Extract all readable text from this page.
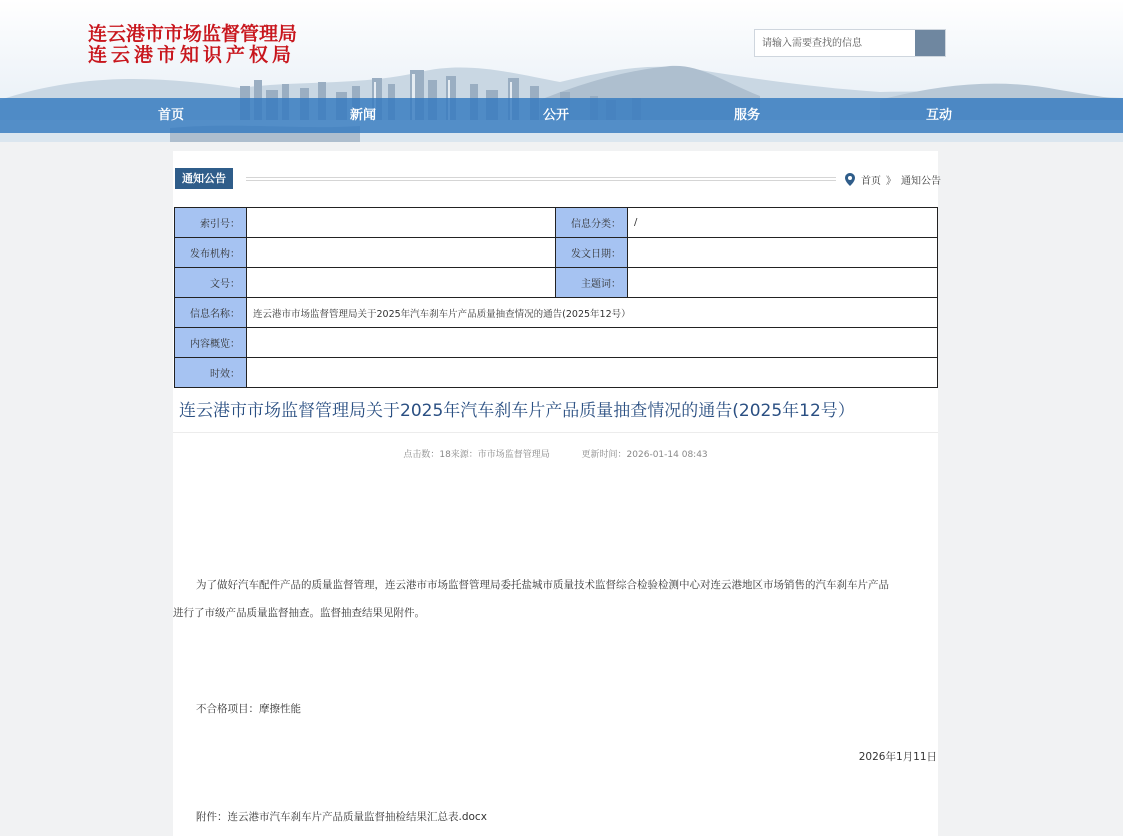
连云港市市场监督管理局
连云港市知识产权局
请输入需要查找的信息
首页	新闻	公开	服务	互动
通知公告	首页 》 通知公告
索引号：		信息分类：	/
发布机构：		发文日期：	
文号：		主题词：	
信息名称：	连云港市市场监督管理局关于2025年汽车刹车片产品质量抽查情况的通告(2025年12号）		
内容概览：			
时效：			
连云港市市场监督管理局关于2025年汽车刹车片产品质量抽查情况的通告(2025年12号）
点击数：18来源：市市场监督管理局	更新时间：2026-01-14 08:43
为了做好汽车配件产品的质量监督管理，连云港市市场监督管理局委托盐城市质量技术监督综合检验检测中心对连云港地区市场销售的汽车刹车片产品
进行了市级产品质量监督抽查。监督抽查结果见附件。
不合格项目：摩擦性能
2026年1月11日
附件：连云港市汽车刹车片产品质量监督抽检结果汇总表.docx
